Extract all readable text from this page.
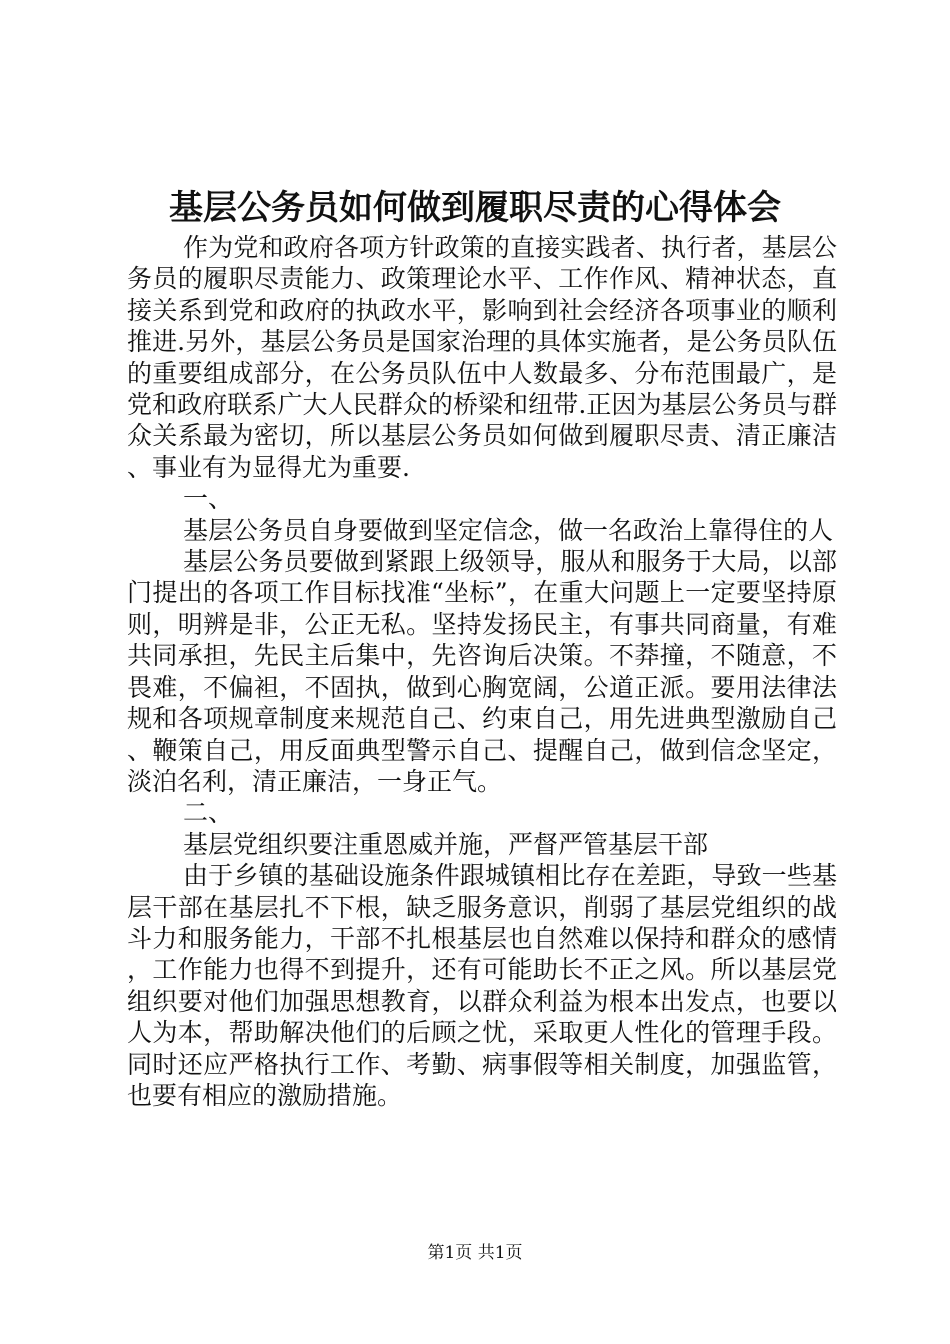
基层公务员如何做到履职尽责的心得体会

作为党和政府各项方针政策的直接实践者、执行者，基层公务员的履职尽责能力、政策理论水平、工作作风、精神状态，直接关系到党和政府的执政水平，影响到社会经济各项事业的顺利推进.另外，基层公务员是国家治理的具体实施者，是公务员队伍的重要组成部分，在公务员队伍中人数最多、分布范围最广，是党和政府联系广大人民群众的桥梁和纽带.正因为基层公务员与群众关系最为密切，所以基层公务员如何做到履职尽责、清正廉洁、事业有为显得尤为重要.

一、

基层公务员自身要做到坚定信念，做一名政治上靠得住的人

基层公务员要做到紧跟上级领导，服从和服务于大局，以部门提出的各项工作目标找准“坐标”，在重大问题上一定要坚持原则，明辨是非，公正无私。坚持发扬民主，有事共同商量，有难共同承担，先民主后集中，先咨询后决策。不莽撞，不随意，不畏难，不偏袒，不固执，做到心胸宽阔，公道正派。要用法律法规和各项规章制度来规范自己、约束自己，用先进典型激励自己、鞭策自己，用反面典型警示自己、提醒自己，做到信念坚定，淡泊名利，清正廉洁，一身正气。

二、

基层党组织要注重恩威并施，严督严管基层干部

由于乡镇的基础设施条件跟城镇相比存在差距，导致一些基层干部在基层扎不下根，缺乏服务意识，削弱了基层党组织的战斗力和服务能力，干部不扎根基层也自然难以保持和群众的感情，工作能力也得不到提升，还有可能助长不正之风。所以基层党组织要对他们加强思想教育，以群众利益为根本出发点，也要以人为本，帮助解决他们的后顾之忧，采取更人性化的管理手段。同时还应严格执行工作、考勤、病事假等相关制度，加强监管，也要有相应的激励措施。

第1页 共1页
